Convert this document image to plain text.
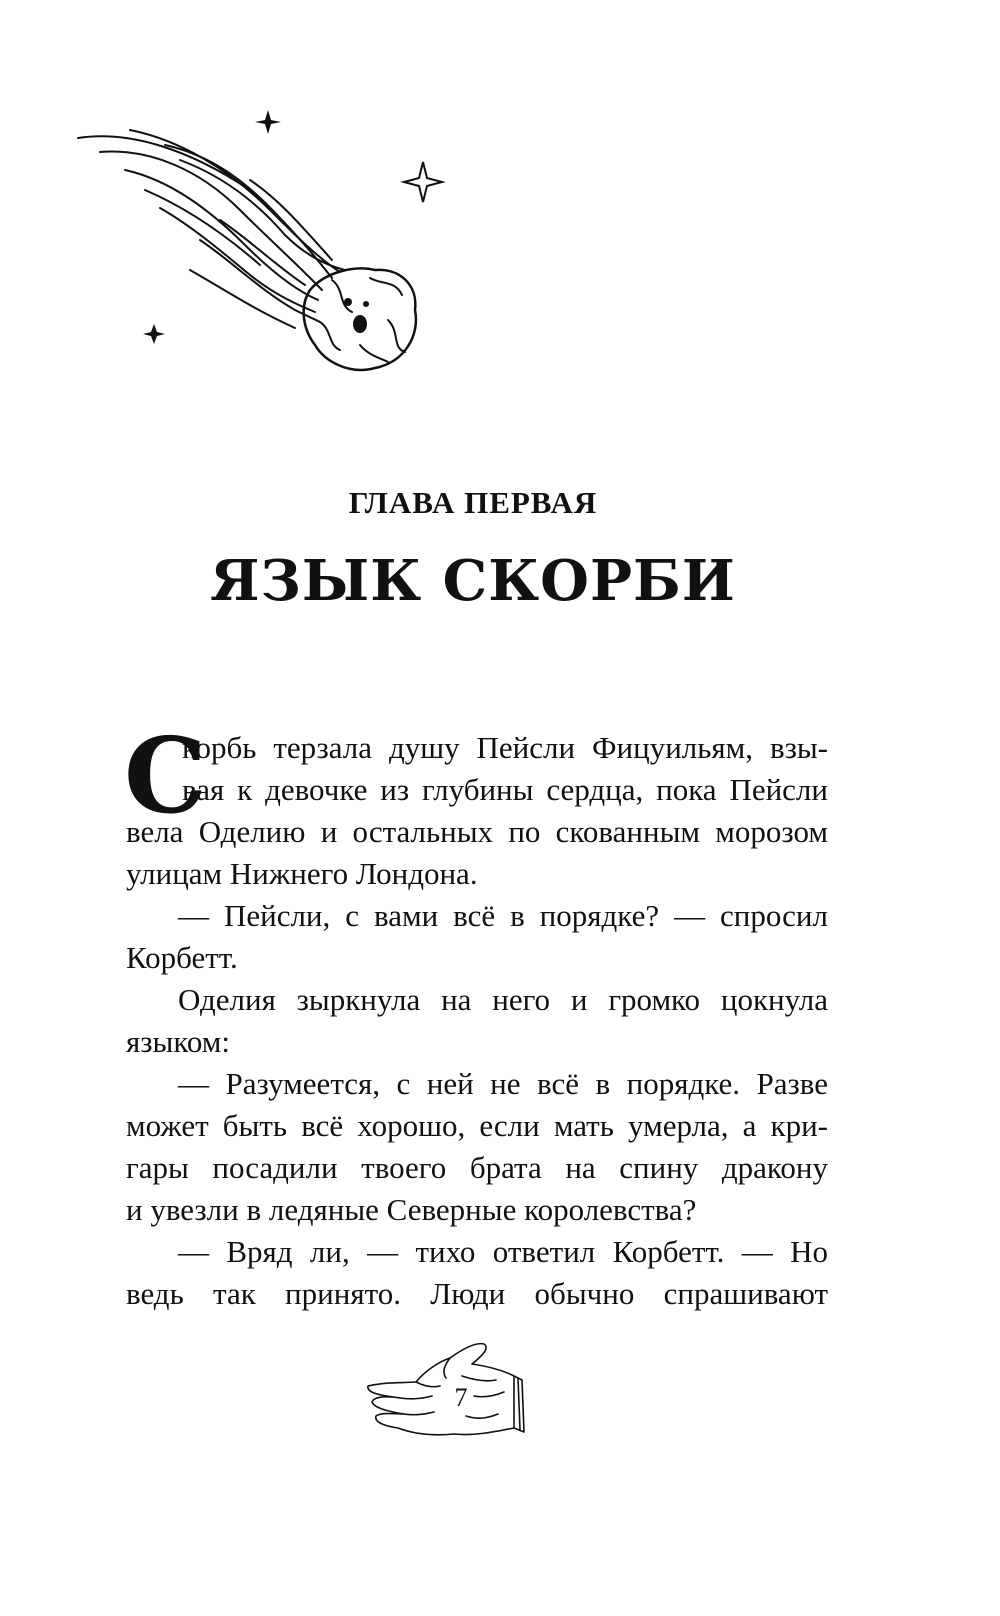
ГЛАВА ПЕРВАЯ
ЯЗЫК СКОРБИ
С
корбь терзала душу Пейсли Фицуильям, взы-
вая к девочке из глубины сердца, пока Пейсли
вела Оделию и остальных по скованным морозом
улицам Нижнего Лондона.
— Пейсли, с вами всё в порядке? — спросил
Корбетт.
Оделия зыркнула на него и громко цокнула
языком:
— Разумеется, с ней не всё в порядке. Разве
может быть всё хорошо, если мать умерла, а кри-
гары посадили твоего брата на спину дракону
и увезли в ледяные Северные королевства?
— Вряд ли, — тихо ответил Корбетт. — Но
ведь так принято. Люди обычно спрашивают
7
